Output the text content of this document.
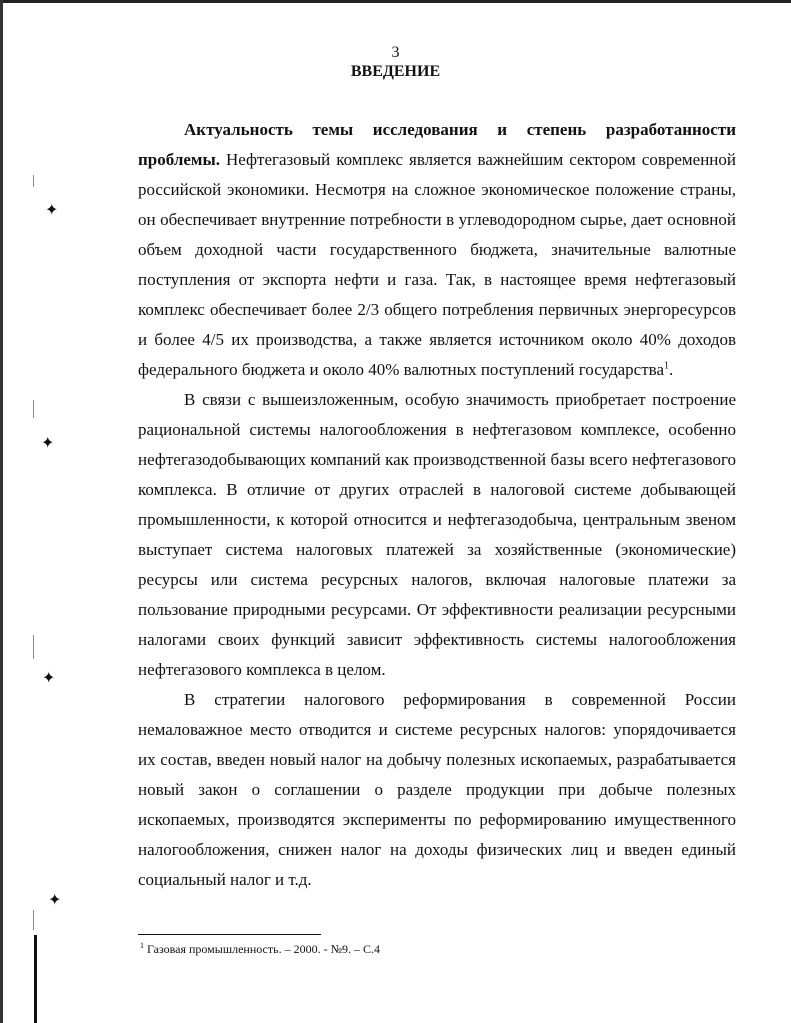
✦
✦
✦
✦
3
ВВЕДЕНИЕ

Актуальность темы исследования и степень разработанности проблемы. Нефтегазовый комплекс является важнейшим сектором современной российской экономики. Несмотря на сложное экономическое положение страны, он обеспечивает внутренние потребности в углеводородном сырье, дает основной объем доходной части государственного бюджета, значительные валютные поступления от экспорта нефти и газа. Так, в настоящее время нефтегазовый комплекс обеспечивает более 2/3 общего потребления первичных энергоресурсов и более 4/5 их производства, а также является источником около 40% доходов федерального бюджета и около 40% валютных поступлений государства$^1$.

В связи с вышеизложенным, особую значимость приобретает построение рациональной системы налогообложения в нефтегазовом комплексе, особенно нефтегазодобывающих компаний как производственной базы всего нефтегазового комплекса. В отличие от других отраслей в налоговой системе добывающей промышленности, к которой относится и нефтегазодобыча, центральным звеном выступает система налоговых платежей за хозяйственные (экономические) ресурсы или система ресурсных налогов, включая налоговые платежи за пользование природными ресурсами. От эффективности реализации ресурсными налогами своих функций зависит эффективность системы налогообложения нефтегазового комплекса в целом.

В стратегии налогового реформирования в современной России немаловажное место отводится и системе ресурсных налогов: упорядочивается их состав, введен новый налог на добычу полезных ископаемых, разрабатывается новый закон о соглашении о разделе продукции при добыче полезных ископаемых, производятся эксперименты по реформированию имущественного налогообложения, снижен налог на доходы физических лиц и введен единый социальный налог и т.д.

$^1$ Газовая промышленность. – 2000. - №9. – С.4
